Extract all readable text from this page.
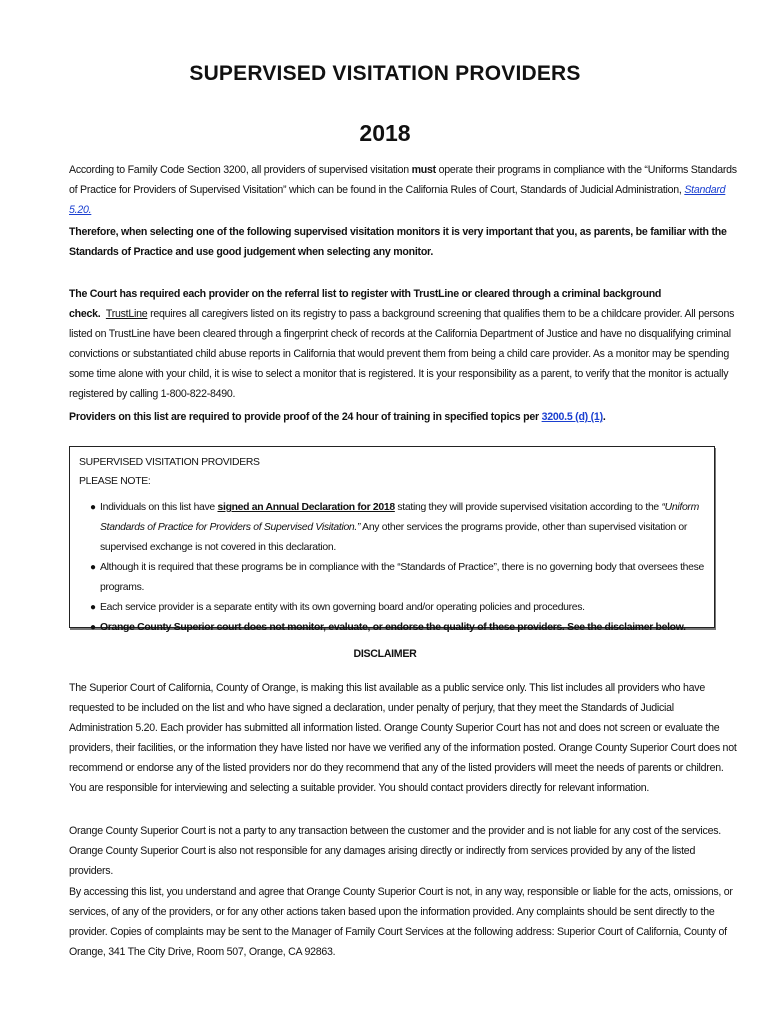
SUPERVISED VISITATION PROVIDERS
2018
According to Family Code Section 3200, all providers of supervised visitation must operate their programs in compliance with the “Uniforms Standards of Practice for Providers of Supervised Visitation” which can be found in the California Rules of Court, Standards of Judicial Administration, Standard 5.20.
Therefore, when selecting one of the following supervised visitation monitors it is very important that you, as parents, be familiar with the Standards of Practice and use good judgement when selecting any monitor.
The Court has required each provider on the referral list to register with TrustLine or cleared through a criminal background check. TrustLine requires all caregivers listed on its registry to pass a background screening that qualifies them to be a childcare provider. All persons listed on TrustLine have been cleared through a fingerprint check of records at the California Department of Justice and have no disqualifying criminal convictions or substantiated child abuse reports in California that would prevent them from being a child care provider. As a monitor may be spending some time alone with your child, it is wise to select a monitor that is registered. It is your responsibility as a parent, to verify that the monitor is actually registered by calling 1-800-822-8490.
Providers on this list are required to provide proof of the 24 hour of training in specified topics per 3200.5 (d) (1).
SUPERVISED VISITATION PROVIDERS
PLEASE NOTE:
● Individuals on this list have signed an Annual Declaration for 2018 stating they will provide supervised visitation according to the “Uniform Standards of Practice for Providers of Supervised Visitation.” Any other services the programs provide, other than supervised visitation or supervised exchange is not covered in this declaration.
● Although it is required that these programs be in compliance with the “Standards of Practice”, there is no governing body that oversees these programs.
● Each service provider is a separate entity with its own governing board and/or operating policies and procedures.
● Orange County Superior court does not monitor, evaluate, or endorse the quality of these providers. See the disclaimer below.
DISCLAIMER
The Superior Court of California, County of Orange, is making this list available as a public service only. This list includes all providers who have requested to be included on the list and who have signed a declaration, under penalty of perjury, that they meet the Standards of Judicial Administration 5.20. Each provider has submitted all information listed. Orange County Superior Court has not and does not screen or evaluate the providers, their facilities, or the information they have listed nor have we verified any of the information posted. Orange County Superior Court does not recommend or endorse any of the listed providers nor do they recommend that any of the listed providers will meet the needs of parents or children. You are responsible for interviewing and selecting a suitable provider. You should contact providers directly for relevant information.
Orange County Superior Court is not a party to any transaction between the customer and the provider and is not liable for any cost of the services. Orange County Superior Court is also not responsible for any damages arising directly or indirectly from services provided by any of the listed providers.
By accessing this list, you understand and agree that Orange County Superior Court is not, in any way, responsible or liable for the acts, omissions, or services, of any of the providers, or for any other actions taken based upon the information provided. Any complaints should be sent directly to the provider. Copies of complaints may be sent to the Manager of Family Court Services at the following address: Superior Court of California, County of Orange, 341 The City Drive, Room 507, Orange, CA 92863.
